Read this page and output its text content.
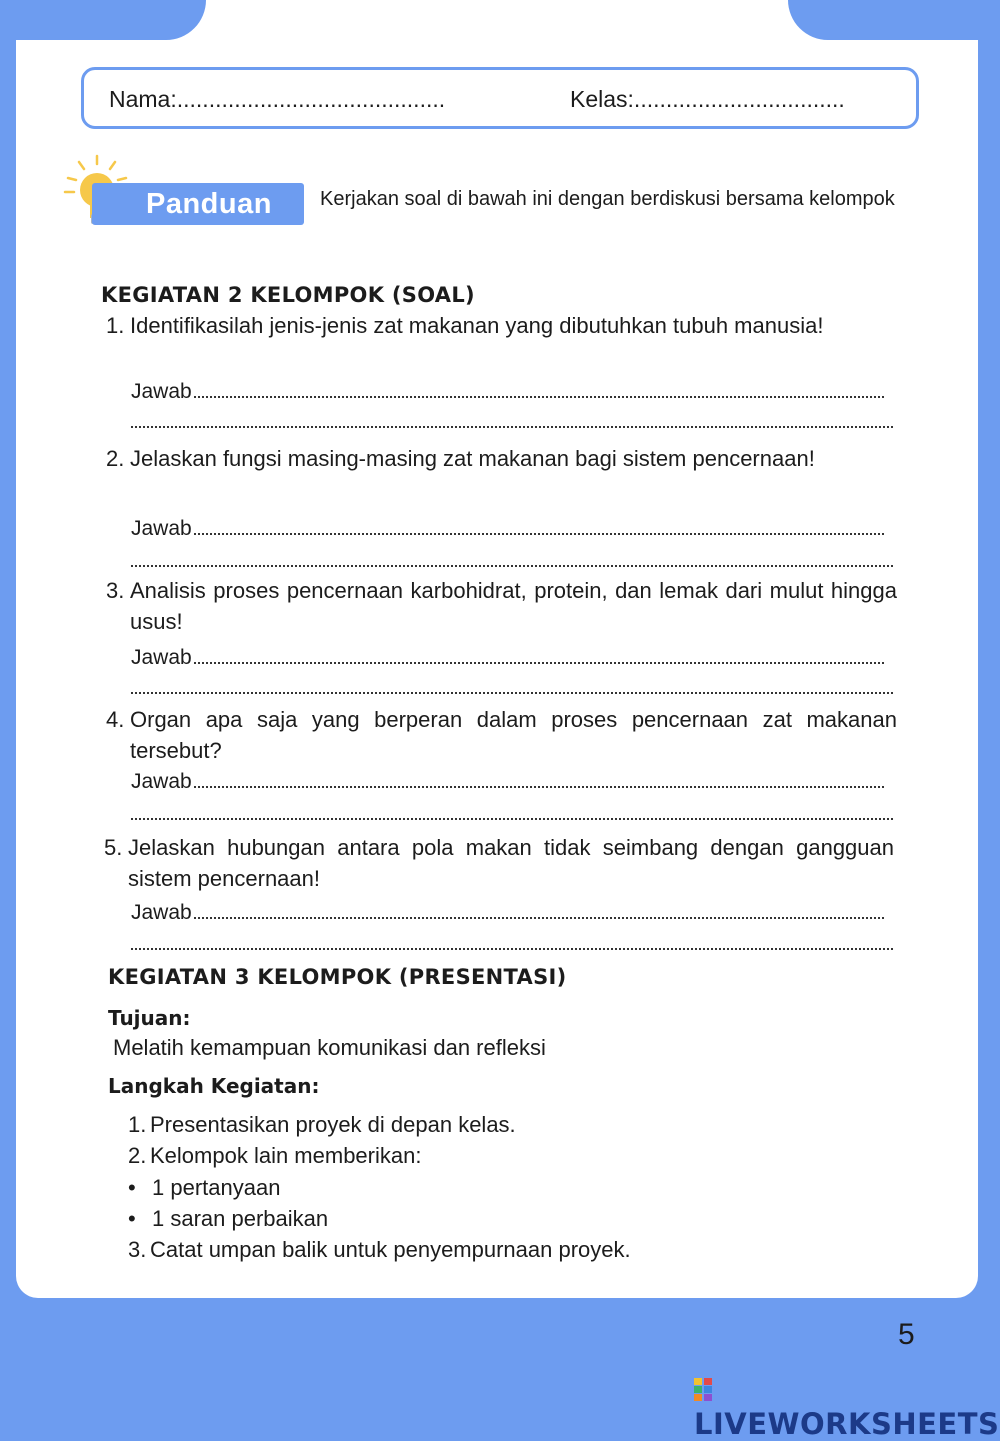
Nama:..........................................	Kelas:.................................
Panduan	Kerjakan soal di bawah ini dengan berdiskusi bersama kelompok
KEGIATAN 2 KELOMPOK (SOAL)
1. Identifikasilah jenis-jenis zat makanan yang dibutuhkan tubuh manusia!
Jawab
2. Jelaskan fungsi masing-masing zat makanan bagi sistem pencernaan!
Jawab
3. Analisis proses pencernaan karbohidrat, protein, dan lemak dari mulut hingga usus!
Jawab
4. Organ apa saja yang berperan dalam proses pencernaan zat makanan tersebut?
Jawab
5. Jelaskan hubungan antara pola makan tidak seimbang dengan gangguan sistem pencernaan!
Jawab
KEGIATAN 3 KELOMPOK (PRESENTASI)
Tujuan:
Melatih kemampuan komunikasi dan refleksi
Langkah Kegiatan:
1. Presentasikan proyek di depan kelas.
2. Kelompok lain memberikan:
• 1 pertanyaan
• 1 saran perbaikan
3. Catat umpan balik untuk penyempurnaan proyek.
5
LIVEWORKSHEETS
